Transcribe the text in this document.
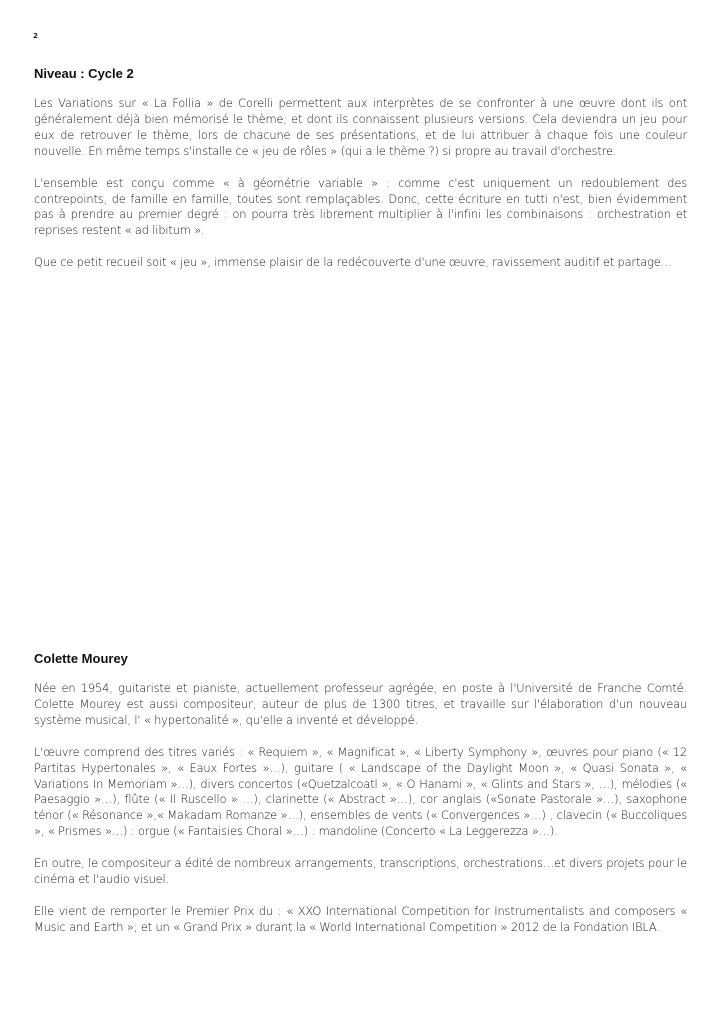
2
Niveau : Cycle 2

Les Variations sur « La Follia » de Corelli permettent aux interprètes de se confronter à une œuvre dont ils ont généralement déjà bien mémorisé le thème, et dont ils connaissent plusieurs versions. Cela deviendra un jeu pour eux de retrouver le thème, lors de chacune de ses présentations, et de lui attribuer à chaque fois une couleur nouvelle. En même temps s'installe ce « jeu de rôles » (qui a le thème ?) si propre au travail d'orchestre.

L'ensemble est conçu comme « à géométrie variable » : comme c'est uniquement un redoublement des contrepoints, de famille en famille, toutes sont remplaçables. Donc, cette écriture en tutti n'est, bien évidemment pas à prendre au premier degré : on pourra très librement multiplier à l'infini les combinaisons : orchestration et reprises restent « ad libitum ».

Que ce petit recueil soit « jeu », immense plaisir de la redécouverte d'une œuvre, ravissement auditif et partage…

Colette Mourey

Née en 1954, guitariste et pianiste, actuellement professeur agrégée, en poste à l'Université de Franche Comté. Colette Mourey est aussi compositeur, auteur de plus de 1300 titres, et travaille sur l'élaboration d'un nouveau système musical, l' « hypertonalité », qu'elle a inventé et développé.

L'œuvre comprend des titres variés : « Requiem », « Magnificat », « Liberty Symphony », œuvres pour piano (« 12 Partitas Hypertonales », « Eaux Fortes »…), guitare ( « Landscape of the Daylight Moon », « Quasi Sonata », « Variations In Memoriam »…), divers concertos («Quetzalcoatl », « O Hanami », « Glints and Stars », …), mélodies (« Paesaggio »…), flûte (« Il Ruscello » …), clarinette (« Abstract »…), cor anglais («Sonate Pastorale »…), saxophone ténor (« Résonance »,« Makadam Romanze »…), ensembles de vents (« Convergences »…) , clavecin (« Buccoliques », « Prismes »…) : orgue (« Fantaisies Choral »…) : mandoline (Concerto « La Leggerezza »…).

En outre, le compositeur a édité de nombreux arrangements, transcriptions, orchestrations…et divers projets pour le cinéma et l'audio visuel.

Elle vient de remporter le Premier Prix du : « XXO International Competition for Instrumentalists and composers « Music and Earth »; et un « Grand Prix » durant la « World International Competition » 2012 de la Fondation IBLA.
